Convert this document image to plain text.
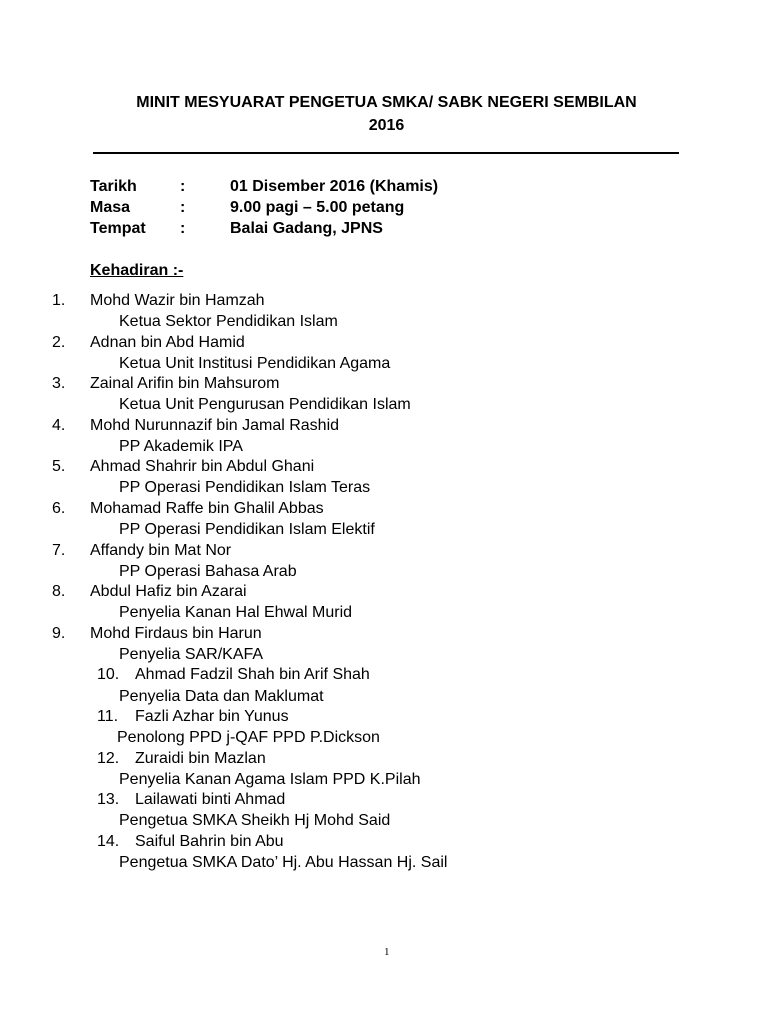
MINIT MESYUARAT PENGETUA SMKA/ SABK NEGERI SEMBILAN
2016
Tarikh	:	01 Disember 2016 (Khamis)
Masa	:	9.00 pagi – 5.00 petang
Tempat :	Balai Gadang, JPNS
Kehadiran :-
1. Mohd Wazir bin Hamzah
Ketua Sektor Pendidikan Islam
2. Adnan bin Abd Hamid
Ketua Unit Institusi Pendidikan Agama
3. Zainal Arifin bin Mahsurom
Ketua Unit Pengurusan Pendidikan Islam
4. Mohd Nurunnazif bin Jamal Rashid
PP Akademik IPA
5. Ahmad Shahrir bin Abdul Ghani
PP Operasi Pendidikan Islam Teras
6. Mohamad Raffe bin Ghalil Abbas
PP Operasi Pendidikan Islam Elektif
7. Affandy bin Mat Nor
PP Operasi Bahasa Arab
8. Abdul Hafiz bin Azarai
Penyelia Kanan Hal Ehwal Murid
9. Mohd Firdaus bin Harun
Penyelia SAR/KAFA
10. Ahmad Fadzil Shah bin Arif Shah
Penyelia Data dan Maklumat
11. Fazli Azhar bin Yunus
Penolong PPD j-QAF PPD P.Dickson
12. Zuraidi bin Mazlan
Penyelia Kanan Agama Islam PPD K.Pilah
13. Lailawati binti Ahmad
Pengetua SMKA Sheikh Hj Mohd Said
14. Saiful Bahrin bin Abu
Pengetua SMKA Dato’ Hj. Abu Hassan Hj. Sail
1
